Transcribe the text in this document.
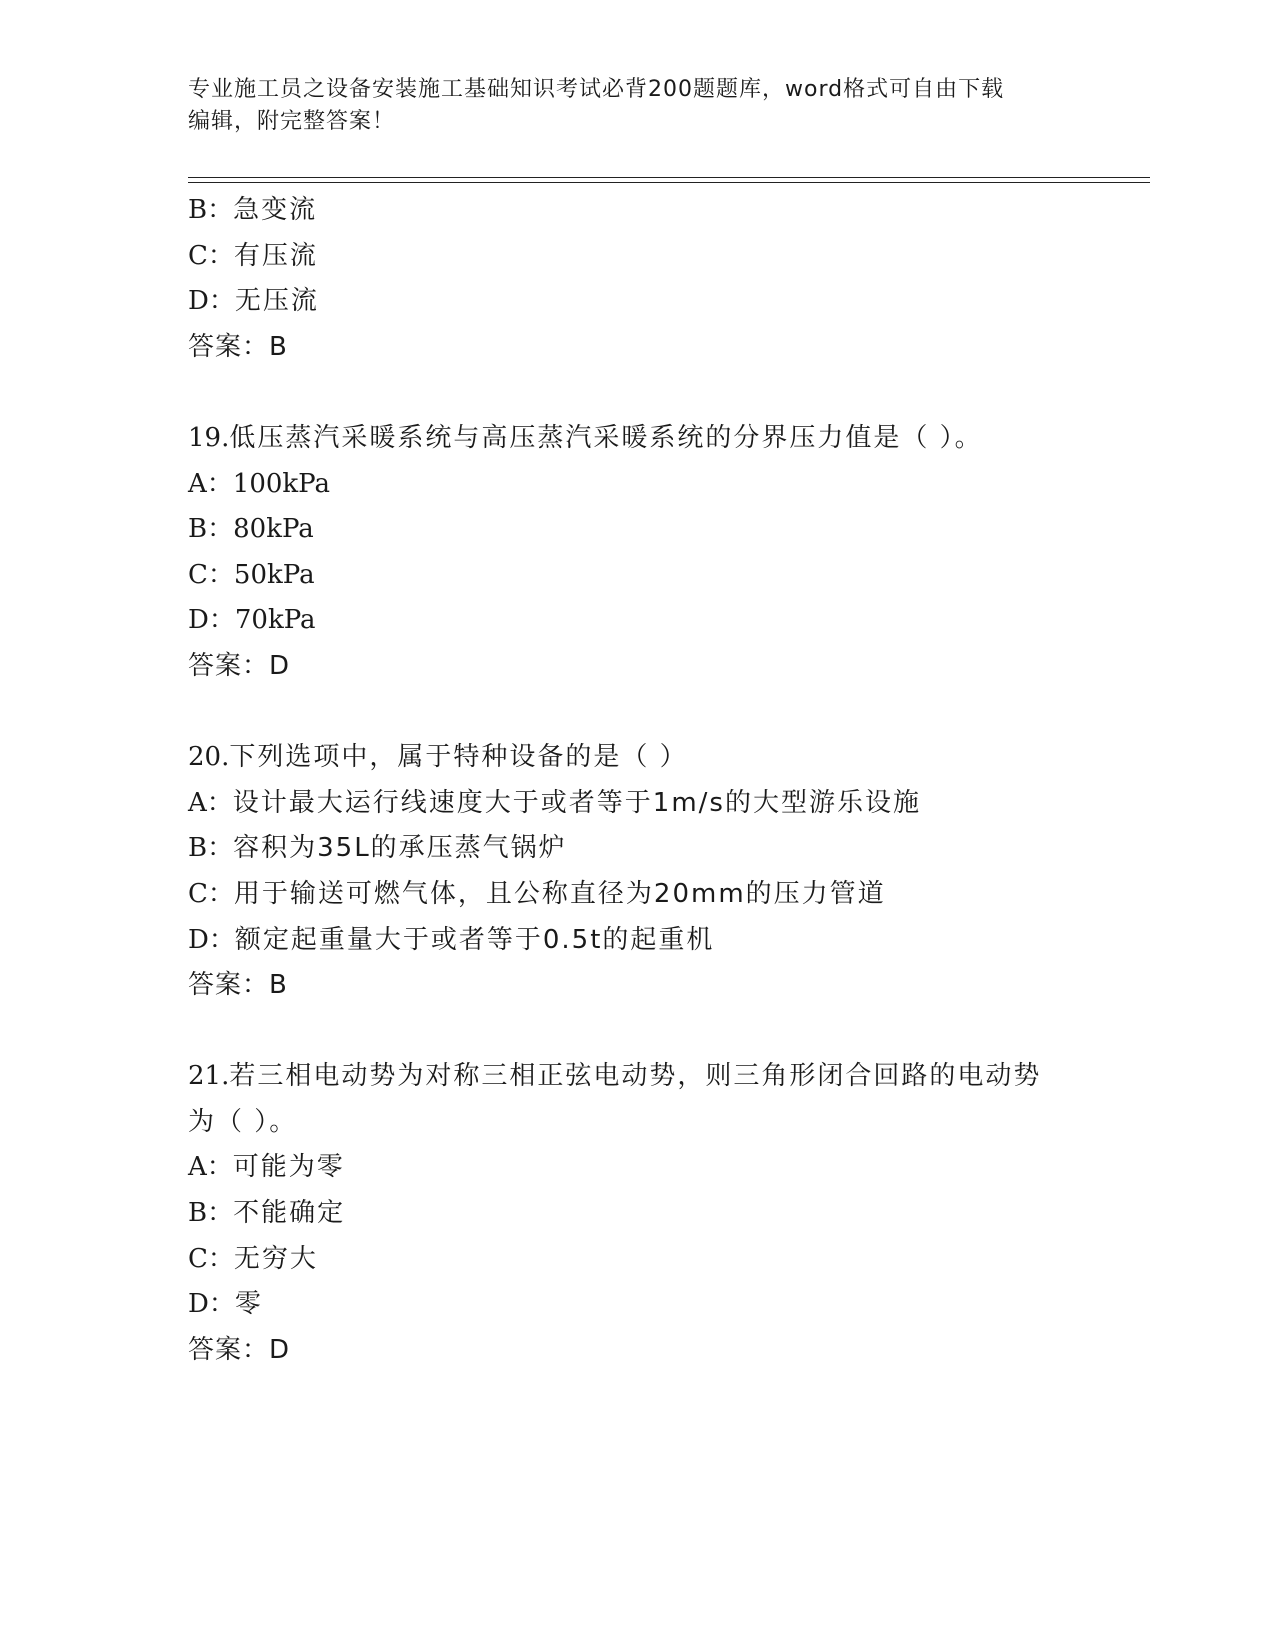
专业施工员之设备安装施工基础知识考试必背200题题库，word格式可自由下载
编辑，附完整答案！
B：急变流
C：有压流
D：无压流
答案：B
19.低压蒸汽采暖系统与高压蒸汽采暖系统的分界压力值是（ ）。
A：100kPa
B：80kPa
C：50kPa
D：70kPa
答案：D
20.下列选项中，属于特种设备的是（ ）
A：设计最大运行线速度大于或者等于1m/s的大型游乐设施
B：容积为35L的承压蒸气锅炉
C：用于输送可燃气体，且公称直径为20mm的压力管道
D：额定起重量大于或者等于0.5t的起重机
答案：B
21.若三相电动势为对称三相正弦电动势，则三角形闭合回路的电动势
为（ ）。
A：可能为零
B：不能确定
C：无穷大
D：零
答案：D
